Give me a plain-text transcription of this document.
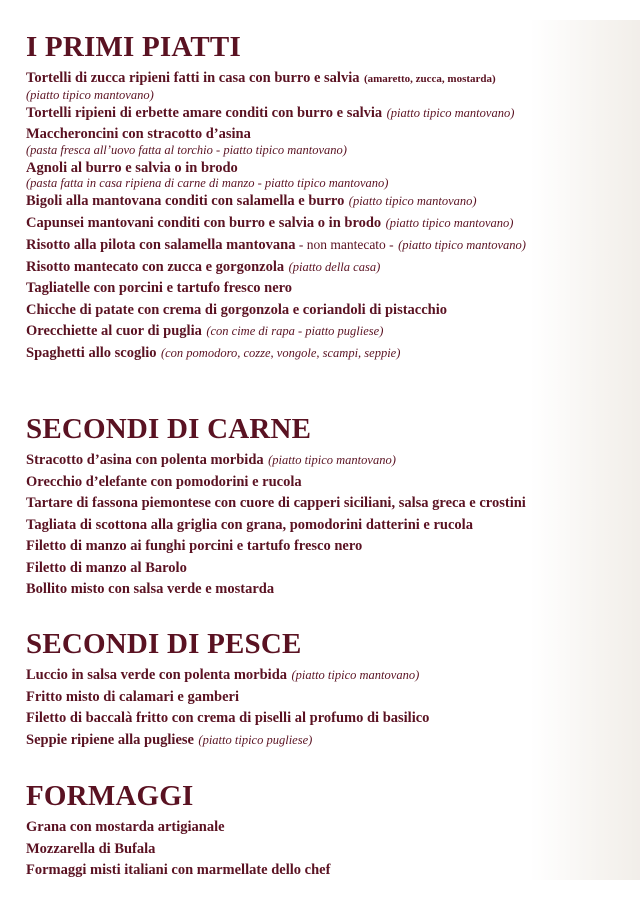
I PRIMI PIATTI
Tortelli di zucca ripieni fatti in casa con burro e salvia (amaretto, zucca, mostarda)
(piatto tipico mantovano)
Tortelli ripieni di erbette amare conditi con burro e salvia (piatto tipico mantovano)
Maccheroncini con stracotto d’asina
(pasta fresca all’uovo fatta al torchio - piatto tipico mantovano)
Agnoli al burro e salvia o in brodo
(pasta fatta in casa ripiena di carne di manzo - piatto tipico mantovano)
Bigoli alla mantovana conditi con salamella e burro (piatto tipico mantovano)
Capunsei mantovani conditi con burro e salvia o in brodo (piatto tipico mantovano)
Risotto alla pilota con salamella mantovana - non mantecato - (piatto tipico mantovano)
Risotto mantecato con zucca e gorgonzola (piatto della casa)
Tagliatelle con porcini e tartufo fresco nero
Chicche di patate con crema di gorgonzola e coriandoli di pistacchio
Orecchiette al cuor di puglia (con cime di rapa - piatto pugliese)
Spaghetti allo scoglio (con pomodoro, cozze, vongole, scampi, seppie)
SECONDI DI CARNE
Stracotto d’asina con polenta morbida (piatto tipico mantovano)
Orecchio d’elefante con pomodorini e rucola
Tartare di fassona piemontese con cuore di capperi siciliani, salsa greca e crostini
Tagliata di scottona alla griglia con grana, pomodorini datterini e rucola
Filetto di manzo ai funghi porcini e tartufo fresco nero
Filetto di manzo al Barolo
Bollito misto con salsa verde e mostarda
SECONDI DI PESCE
Luccio in salsa verde con polenta morbida (piatto tipico mantovano)
Fritto misto di calamari e gamberi
Filetto di baccalà fritto con crema di piselli al profumo di basilico
Seppie ripiene alla pugliese (piatto tipico pugliese)
FORMAGGI
Grana con mostarda artigianale
Mozzarella di Bufala
Formaggi misti italiani con marmellate dello chef
